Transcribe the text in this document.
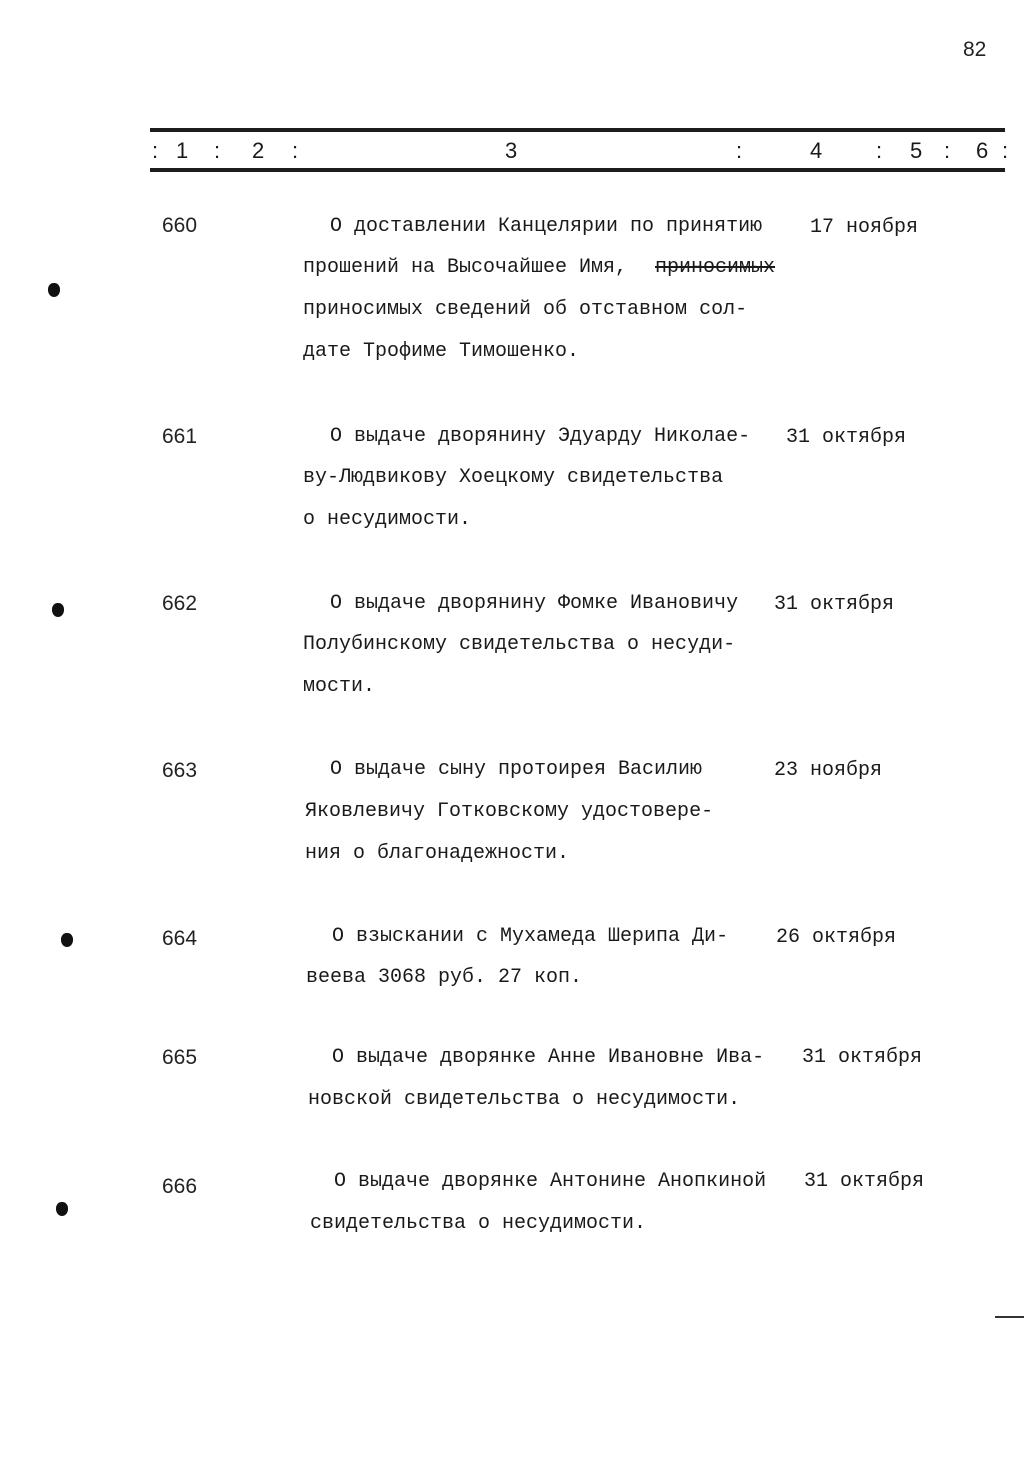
82
: 1 : 2 :	3	:	4 : 5 : 6 :
660	О доставлении Канцелярии по принятию 17 ноября
прошений на Высочайшее Имя, приносимых
приносимых сведений об отставном сол-
дате Трофиме Тимошенко.
661	О выдаче дворянину Эдуарду Николае- 31 октября
ву-Людвикову Хоецкому свидетельства
о несудимости.
662	О выдаче дворянину Фомке Ивановичу 31 октября
Полубинскому свидетельства о несуди-
мости.
663	О выдаче сыну протоирея Василию	23 ноября
Яковлевичу Готковскому удостовере-
ния о благонадежности.
664	О взыскании с Мухамеда Шерипа Ди- 26 октября
веева 3068 руб. 27 коп.
665	О выдаче дворянке Анне Ивановне Ива- 31 октября
новской свидетельства о несудимости.
666	О выдаче дворянке Антонине Анопкиной 31 октября
свидетельства о несудимости.
